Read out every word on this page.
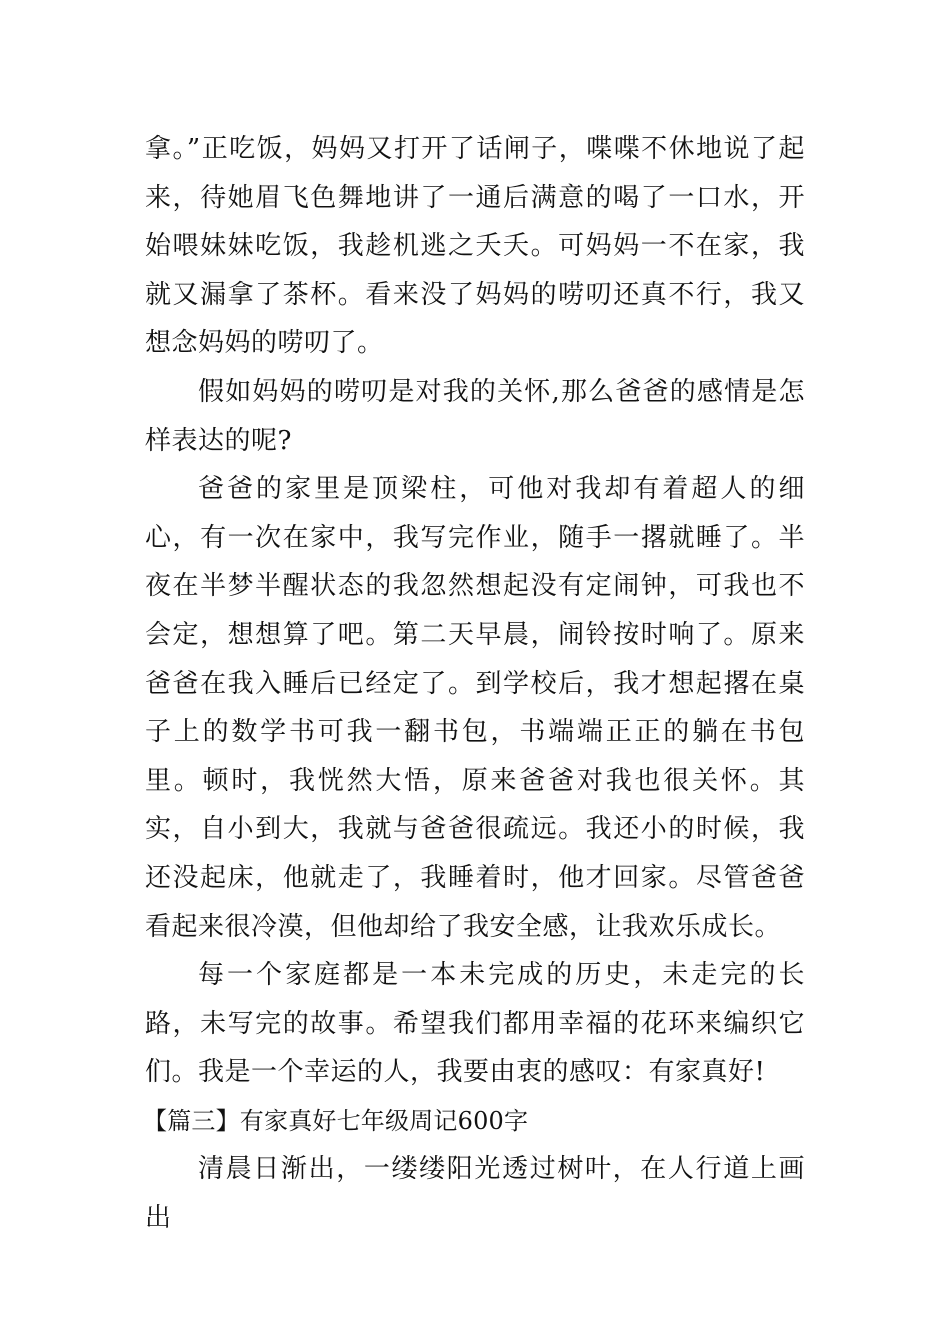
拿。”正吃饭，妈妈又打开了话闸子，喋喋不休地说了起来，待她眉飞色舞地讲了一通后满意的喝了一口水，开始喂妹妹吃饭，我趁机逃之夭夭。可妈妈一不在家，我就又漏拿了茶杯。看来没了妈妈的唠叨还真不行，我又想念妈妈的唠叨了。

假如妈妈的唠叨是对我的关怀,那么爸爸的感情是怎样表达的呢?

爸爸的家里是顶梁柱，可他对我却有着超人的细心，有一次在家中，我写完作业，随手一撂就睡了。半夜在半梦半醒状态的我忽然想起没有定闹钟，可我也不会定，想想算了吧。第二天早晨，闹铃按时响了。原来爸爸在我入睡后已经定了。到学校后，我才想起撂在桌子上的数学书可我一翻书包，书端端正正的躺在书包里。顿时，我恍然大悟，原来爸爸对我也很关怀。其实，自小到大，我就与爸爸很疏远。我还小的时候，我还没起床，他就走了，我睡着时，他才回家。尽管爸爸看起来很冷漠，但他却给了我安全感，让我欢乐成长。

每一个家庭都是一本未完成的历史，未走完的长路，未写完的故事。希望我们都用幸福的花环来编织它们。我是一个幸运的人，我要由衷的感叹：有家真好!

【篇三】有家真好七年级周记600字

清晨日渐出，一缕缕阳光透过树叶，在人行道上画出
